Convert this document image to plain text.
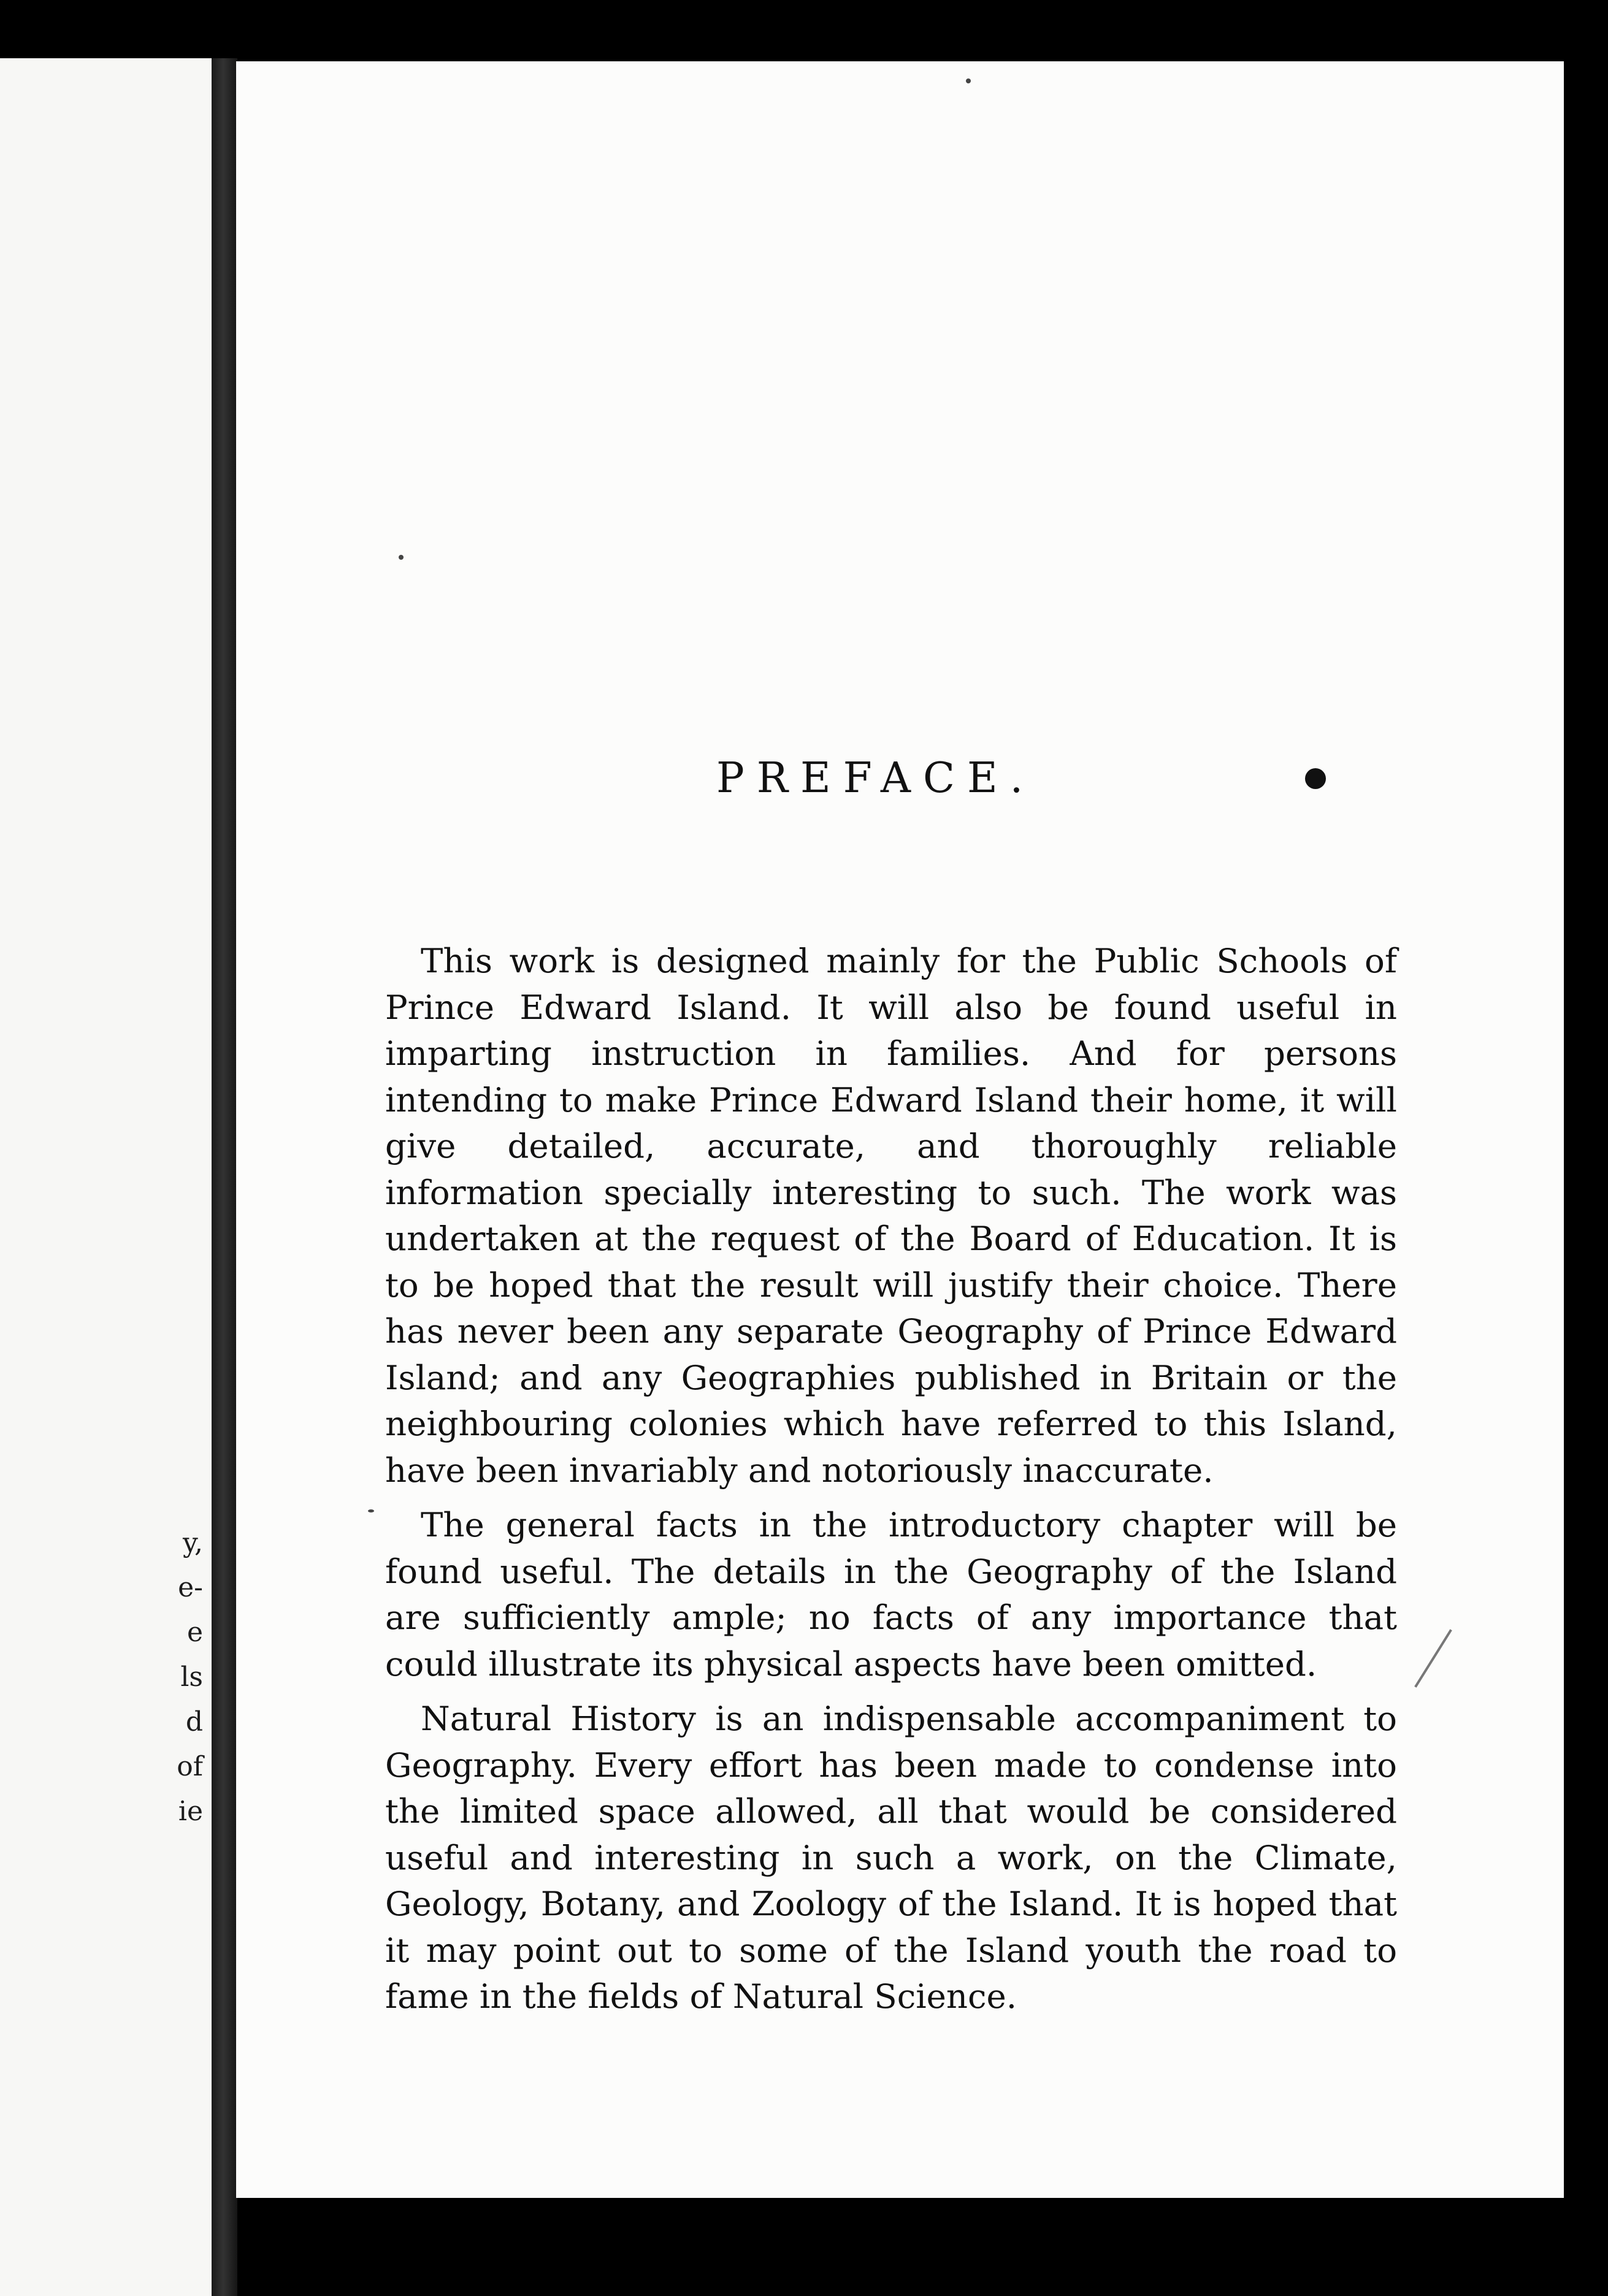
y,
e-
e
ls
d
of
ie
PREFACE.

This work is designed mainly for the Public Schools of Prince Edward Island. It will also be found useful in imparting instruction in families. And for persons intending to make Prince Edward Island their home, it will give detailed, accurate, and thoroughly reliable information specially interesting to such. The work was undertaken at the request of the Board of Education. It is to be hoped that the result will justify their choice. There has never been any separate Geography of Prince Edward Island; and any Geographies published in Britain or the neighbouring colonies which have referred to this Island, have been invariably and notoriously inaccurate.

The general facts in the introductory chapter will be found useful. The details in the Geography of the Island are sufficiently ample; no facts of any importance that could illustrate its physical aspects have been omitted.

Natural History is an indispensable accompaniment to Geography. Every effort has been made to condense into the limited space allowed, all that would be considered useful and interesting in such a work, on the Climate, Geology, Botany, and Zoology of the Island. It is hoped that it may point out to some of the Island youth the road to fame in the fields of Natural Science.
